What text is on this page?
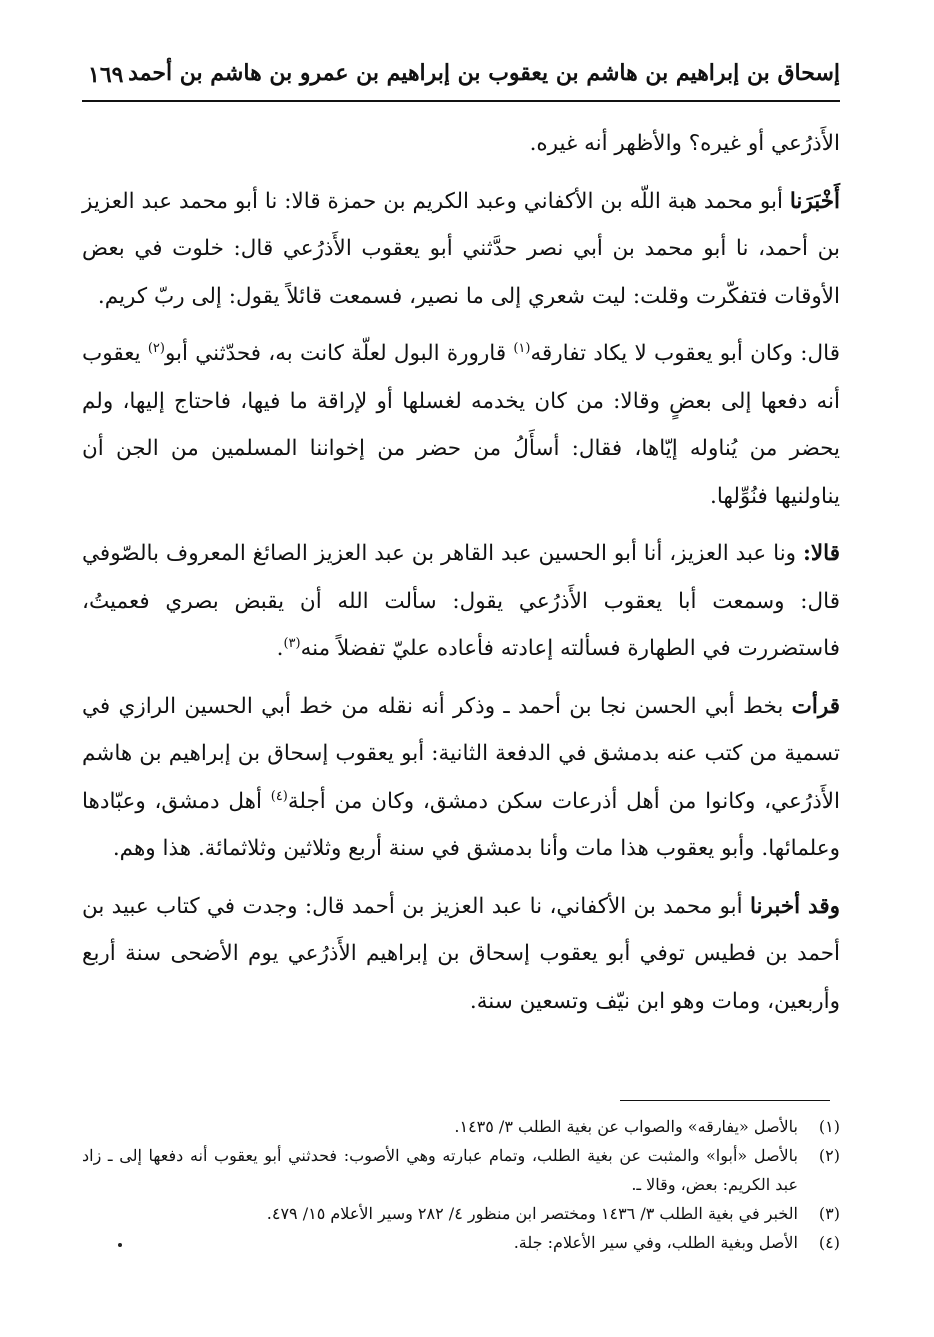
إسحاق بن إبراهيم بن هاشم بن يعقوب بن إبراهيم بن عمرو بن هاشم بن أحمد
١٦٩

الأَذرُعي أو غيره؟ والأظهر أنه غيره.

أَخْبَرَنا أبو محمد هبة اللّه بن الأكفاني وعبد الكريم بن حمزة قالا: نا أبو محمد عبد العزيز بن أحمد، نا أبو محمد بن أبي نصر حدَّثني أبو يعقوب الأَذرُعي قال: خلوت في بعض الأوقات فتفكّرت وقلت: ليت شعري إلى ما نصير، فسمعت قائلاً يقول: إلى ربّ كريم.

قال: وكان أبو يعقوب لا يكاد تفارقه$^{(١)}$ قارورة البول لعلّة كانت به، فحدّثني أبو$^{(٢)}$ يعقوب أنه دفعها إلى بعضٍ وقالا: من كان يخدمه لغسلها أو لإراقة ما فيها، فاحتاج إليها، ولم يحضر من يُناوله إيّاها، فقال: أسأَلُ من حضر من إخواننا المسلمين من الجن أن يناولنيها فنُوِّلها.

قالا: ونا عبد العزيز، أنا أبو الحسين عبد القاهر بن عبد العزيز الصائغ المعروف بالصّوفي قال: وسمعت أبا يعقوب الأَذرُعي يقول: سألت الله أن يقبض بصري فعميتُ، فاستضررت في الطهارة فسألته إعادته فأعاده عليّ تفضلاً منه$^{(٣)}$.

قرأت بخط أبي الحسن نجا بن أحمد ـ وذكر أنه نقله من خط أبي الحسين الرازي في تسمية من كتب عنه بدمشق في الدفعة الثانية: أبو يعقوب إسحاق بن إبراهيم بن هاشم الأَذرُعي، وكانوا من أهل أذرعات سكن دمشق، وكان من أجلة$^{(٤)}$ أهل دمشق، وعبّادها وعلمائها. وأبو يعقوب هذا مات وأنا بدمشق في سنة أربع وثلاثين وثلاثمائة. هذا وهم.

وقد أخبرنا أبو محمد بن الأكفاني، نا عبد العزيز بن أحمد قال: وجدت في كتاب عبيد بن أحمد بن فطيس توفي أبو يعقوب إسحاق بن إبراهيم الأَذرُعي يوم الأضحى سنة أربع وأربعين، ومات وهو ابن نيّف وتسعين سنة.

(١)
بالأصل «يفارقه» والصواب عن بغية الطلب ٣/ ١٤٣٥.
(٢)
بالأصل «أبوا» والمثبت عن بغية الطلب، وتمام عبارته وهي الأصوب: فحدثني أبو يعقوب أنه دفعها إلى ـ زاد عبد الكريم: بعض، وقالا ـ.
(٣)
الخبر في بغية الطلب ٣/ ١٤٣٦ ومختصر ابن منظور ٤/ ٢٨٢ وسير الأعلام ١٥/ ٤٧٩.
(٤)
الأصل وبغية الطلب، وفي سير الأعلام: جلة.
